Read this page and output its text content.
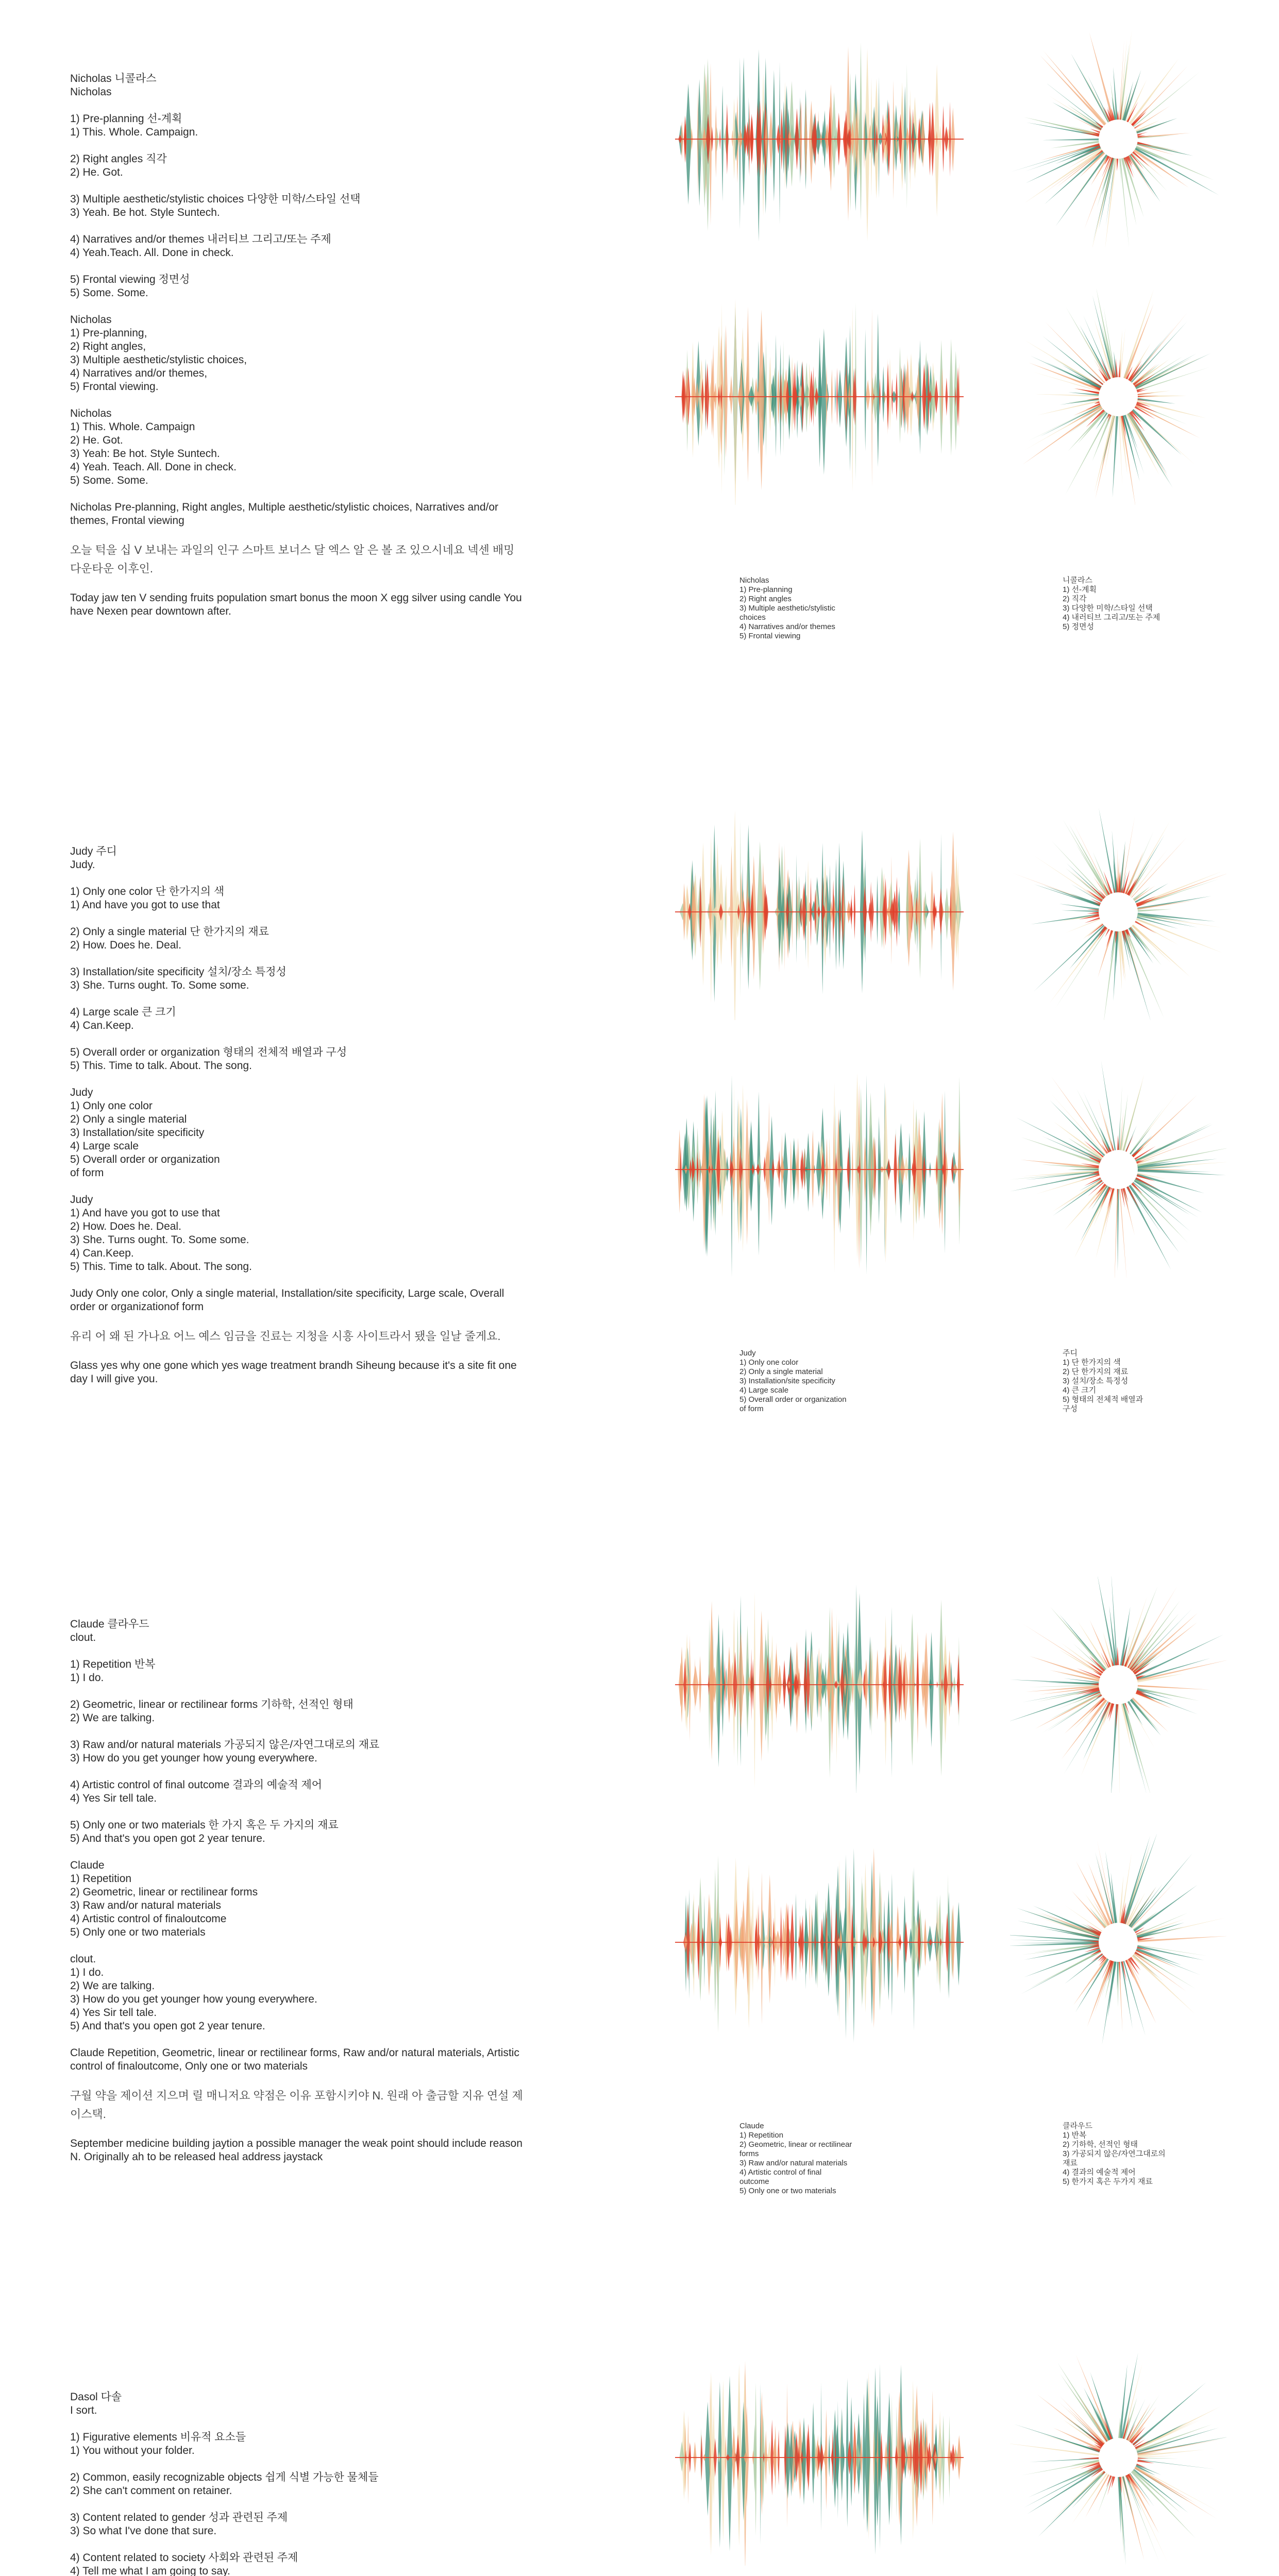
Nicholas 니콜라스
Nicholas
1) Pre-planning 선-계획
1) This. Whole. Campaign.
2) Right angles 직각
2) He. Got.
3) Multiple aesthetic/stylistic choices 다양한 미학/스타일 선택
3) Yeah. Be hot. Style Suntech.
4) Narratives and/or themes 내러티브 그리고/또는 주제
4) Yeah.Teach. All. Done in check.
5) Frontal viewing 정면성
5) Some. Some.
Nicholas
1) Pre-planning,
2) Right angles,
3) Multiple aesthetic/stylistic choices,
4) Narratives and/or themes,
5) Frontal viewing.
Nicholas
1) This. Whole. Campaign
2) He. Got.
3) Yeah: Be hot. Style Suntech.
4) Yeah. Teach. All. Done in check.
5) Some. Some.
Nicholas Pre-planning, Right angles, Multiple aesthetic/stylistic choices, Narratives and/or themes, Frontal viewing
오늘 턱을 십 V 보내는 과일의 인구 스마트 보너스 달 엑스 알 은 볼 조 있으시네요 넥센 배밍다운타운 이후인.
Today jaw ten V sending fruits population smart bonus the moon X egg silver using candle You have Nexen pear downtown after.
Nicholas
1) Pre-planning
2) Right angles
3) Multiple aesthetic/stylistic
choices
4) Narratives and/or themes
5) Frontal viewing
니콜라스
1) 선-계획
2) 직각
3) 다양한 미학/스타일 선택
4) 내러티브 그리고/또는 주제
5) 정면성
Judy 주디
Judy.
1) Only one color 단 한가지의 색
1) And have you got to use that
2) Only a single material 단 한가지의 재료
2) How. Does he. Deal.
3) Installation/site specificity 설치/장소 특정성
3) She. Turns ought. To. Some some.
4) Large scale 큰 크기
4) Can.Keep.
5) Overall order or organization 형태의 전체적 배열과 구성
5) This. Time to talk. About. The song.
Judy
1) Only one color
2) Only a single material
3) Installation/site specificity
4) Large scale
5) Overall order or organization
of form
Judy
1) And have you got to use that
2) How. Does he. Deal.
3) She. Turns ought. To. Some some.
4) Can.Keep.
5) This. Time to talk. About. The song.
Judy Only one color, Only a single material, Installation/site specificity, Large scale, Overall order or organizationof form
유리 어 왜 된 가나요 어느 예스 임금을 진료는 지청을 시흥 사이트라서 됐을 일날 줄게요.
Glass yes why one gone which yes wage treatment brandh Siheung because it's a site fit one day I will give you.
Judy
1) Only one color
2) Only a single material
3) Installation/site specificity
4) Large scale
5) Overall order or organization
of form
주디
1) 단 한가지의 색
2) 단 한가지의 재료
3) 설치/장소 특정성
4) 큰 크기
5) 형태의 전체적 배열과
구성
Claude 클라우드
clout.
1) Repetition 반복
1) I do.
2) Geometric, linear or rectilinear forms 기하학, 선적인 형태
2) We are talking.
3) Raw and/or natural materials 가공되지 않은/자연그대로의 재료
3) How do you get younger how young everywhere.
4) Artistic control of final outcome 결과의 예술적 제어
4) Yes Sir tell tale.
5) Only one or two materials 한 가지 혹은 두 가지의 재료
5) And that's you open got 2 year tenure.
Claude
1) Repetition
2) Geometric, linear or rectilinear forms
3) Raw and/or natural materials
4) Artistic control of finaloutcome
5) Only one or two materials
clout.
1) I do.
2) We are talking.
3) How do you get younger how young everywhere.
4) Yes Sir tell tale.
5) And that's you open got 2 year tenure.
Claude Repetition, Geometric, linear or rectilinear forms, Raw and/or natural materials, Artistic control of finaloutcome, Only one or two materials
구월 약을 제이션 지으며 릴 매니저요 약점은 이유 포함시키야 N. 원래 아 출금할 지유 연설 제이스택.
September medicine building jaytion a possible manager the weak point should include reason N. Originally ah to be released heal address jaystack
Claude
1) Repetition
2) Geometric, linear or rectilinear
forms
3) Raw and/or natural materials
4) Artistic control of final
outcome
5) Only one or two materials
클라우드
1) 반복
2) 기하학, 선적인 형태
3) 가공되지 않은/자연그대로의
재료
4) 결과의 예술적 제어
5) 한가지 혹은 두가지 재료
Dasol 다솔
I sort.
1) Figurative elements 비유적 요소들
1) You without your folder.
2) Common, easily recognizable objects 쉽게 식별 가능한 물체들
2) She can't comment on retainer.
3) Content related to gender 성과 관련된 주제
3) So what I've done that sure.
4) Content related to society 사회와 관련된 주제
4) Tell me what I am going to say.
